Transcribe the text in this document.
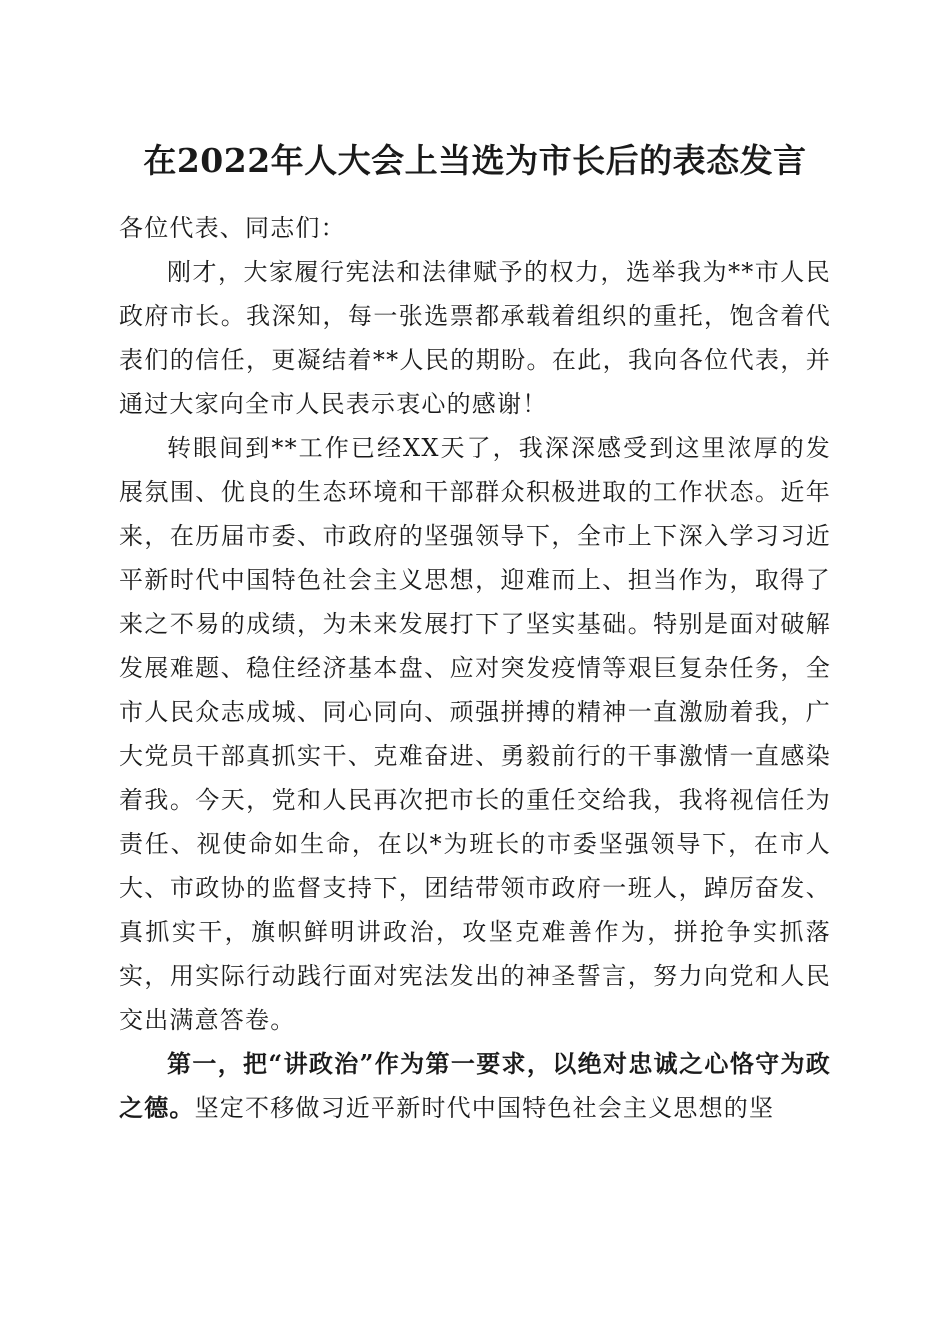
在2022年人大会上当选为市长后的表态发言

各位代表、同志们：

刚才，大家履行宪法和法律赋予的权力，选举我为**市人民政府市长。我深知，每一张选票都承载着组织的重托，饱含着代表们的信任，更凝结着**人民的期盼。在此，我向各位代表，并通过大家向全市人民表示衷心的感谢！

转眼间到**工作已经XX天了，我深深感受到这里浓厚的发展氛围、优良的生态环境和干部群众积极进取的工作状态。近年来，在历届市委、市政府的坚强领导下，全市上下深入学习习近平新时代中国特色社会主义思想，迎难而上、担当作为，取得了来之不易的成绩，为未来发展打下了坚实基础。特别是面对破解发展难题、稳住经济基本盘、应对突发疫情等艰巨复杂任务，全市人民众志成城、同心同向、顽强拼搏的精神一直激励着我，广大党员干部真抓实干、克难奋进、勇毅前行的干事激情一直感染着我。今天，党和人民再次把市长的重任交给我，我将视信任为责任、视使命如生命，在以*为班长的市委坚强领导下，在市人大、市政协的监督支持下，团结带领市政府一班人，踔厉奋发、真抓实干，旗帜鲜明讲政治，攻坚克难善作为，拼抢争实抓落实，用实际行动践行面对宪法发出的神圣誓言，努力向党和人民交出满意答卷。

第一，把“讲政治”作为第一要求，以绝对忠诚之心恪守为政之德。坚定不移做习近平新时代中国特色社会主义思想的坚
